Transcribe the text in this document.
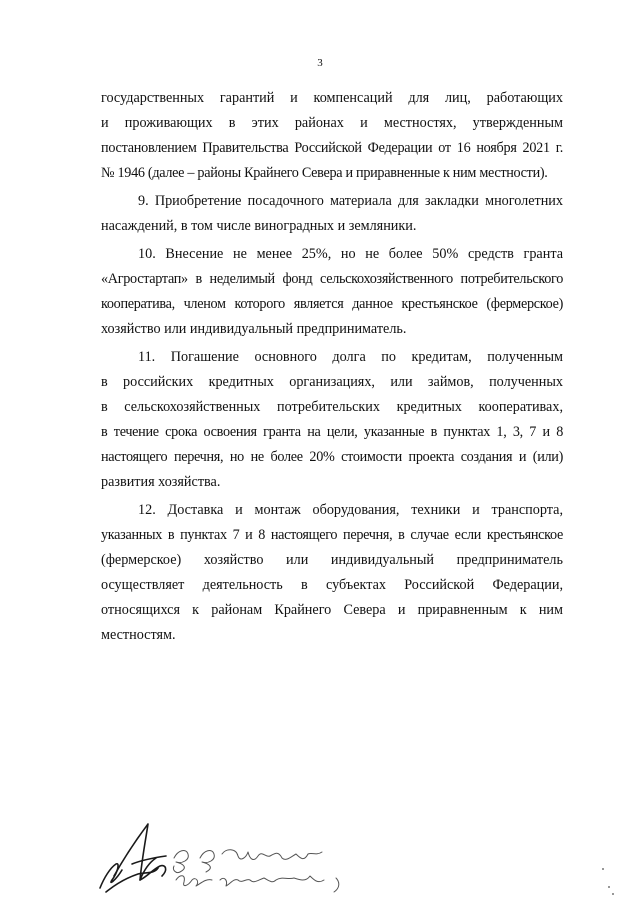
3
государственных гарантий и компенсаций для лиц, работающих
и проживающих в этих районах и местностях, утвержденным
постановлением Правительства Российской Федерации от 16 ноября 2021 г.
№ 1946 (далее – районы Крайнего Севера и приравненные к ним местности).
9. Приобретение посадочного материала для закладки многолетних
насаждений, в том числе виноградных и земляники.
10. Внесение не менее 25%, но не более 50% средств гранта
«Агростартап» в неделимый фонд сельскохозяйственного потребительского
кооператива, членом которого является данное крестьянское (фермерское)
хозяйство или индивидуальный предприниматель.
11. Погашение основного долга по кредитам, полученным
в российских кредитных организациях, или займов, полученных
в сельскохозяйственных потребительских кредитных кооперативах,
в течение срока освоения гранта на цели, указанные в пунктах 1, 3, 7 и 8
настоящего перечня, но не более 20% стоимости проекта создания и (или)
развития хозяйства.
12. Доставка и монтаж оборудования, техники и транспорта,
указанных в пунктах 7 и 8 настоящего перечня, в случае если крестьянское
(фермерское) хозяйство или индивидуальный предприниматель
осуществляет деятельность в субъектах Российской Федерации,
относящихся к районам Крайнего Севера и приравненным к ним
местностям.
